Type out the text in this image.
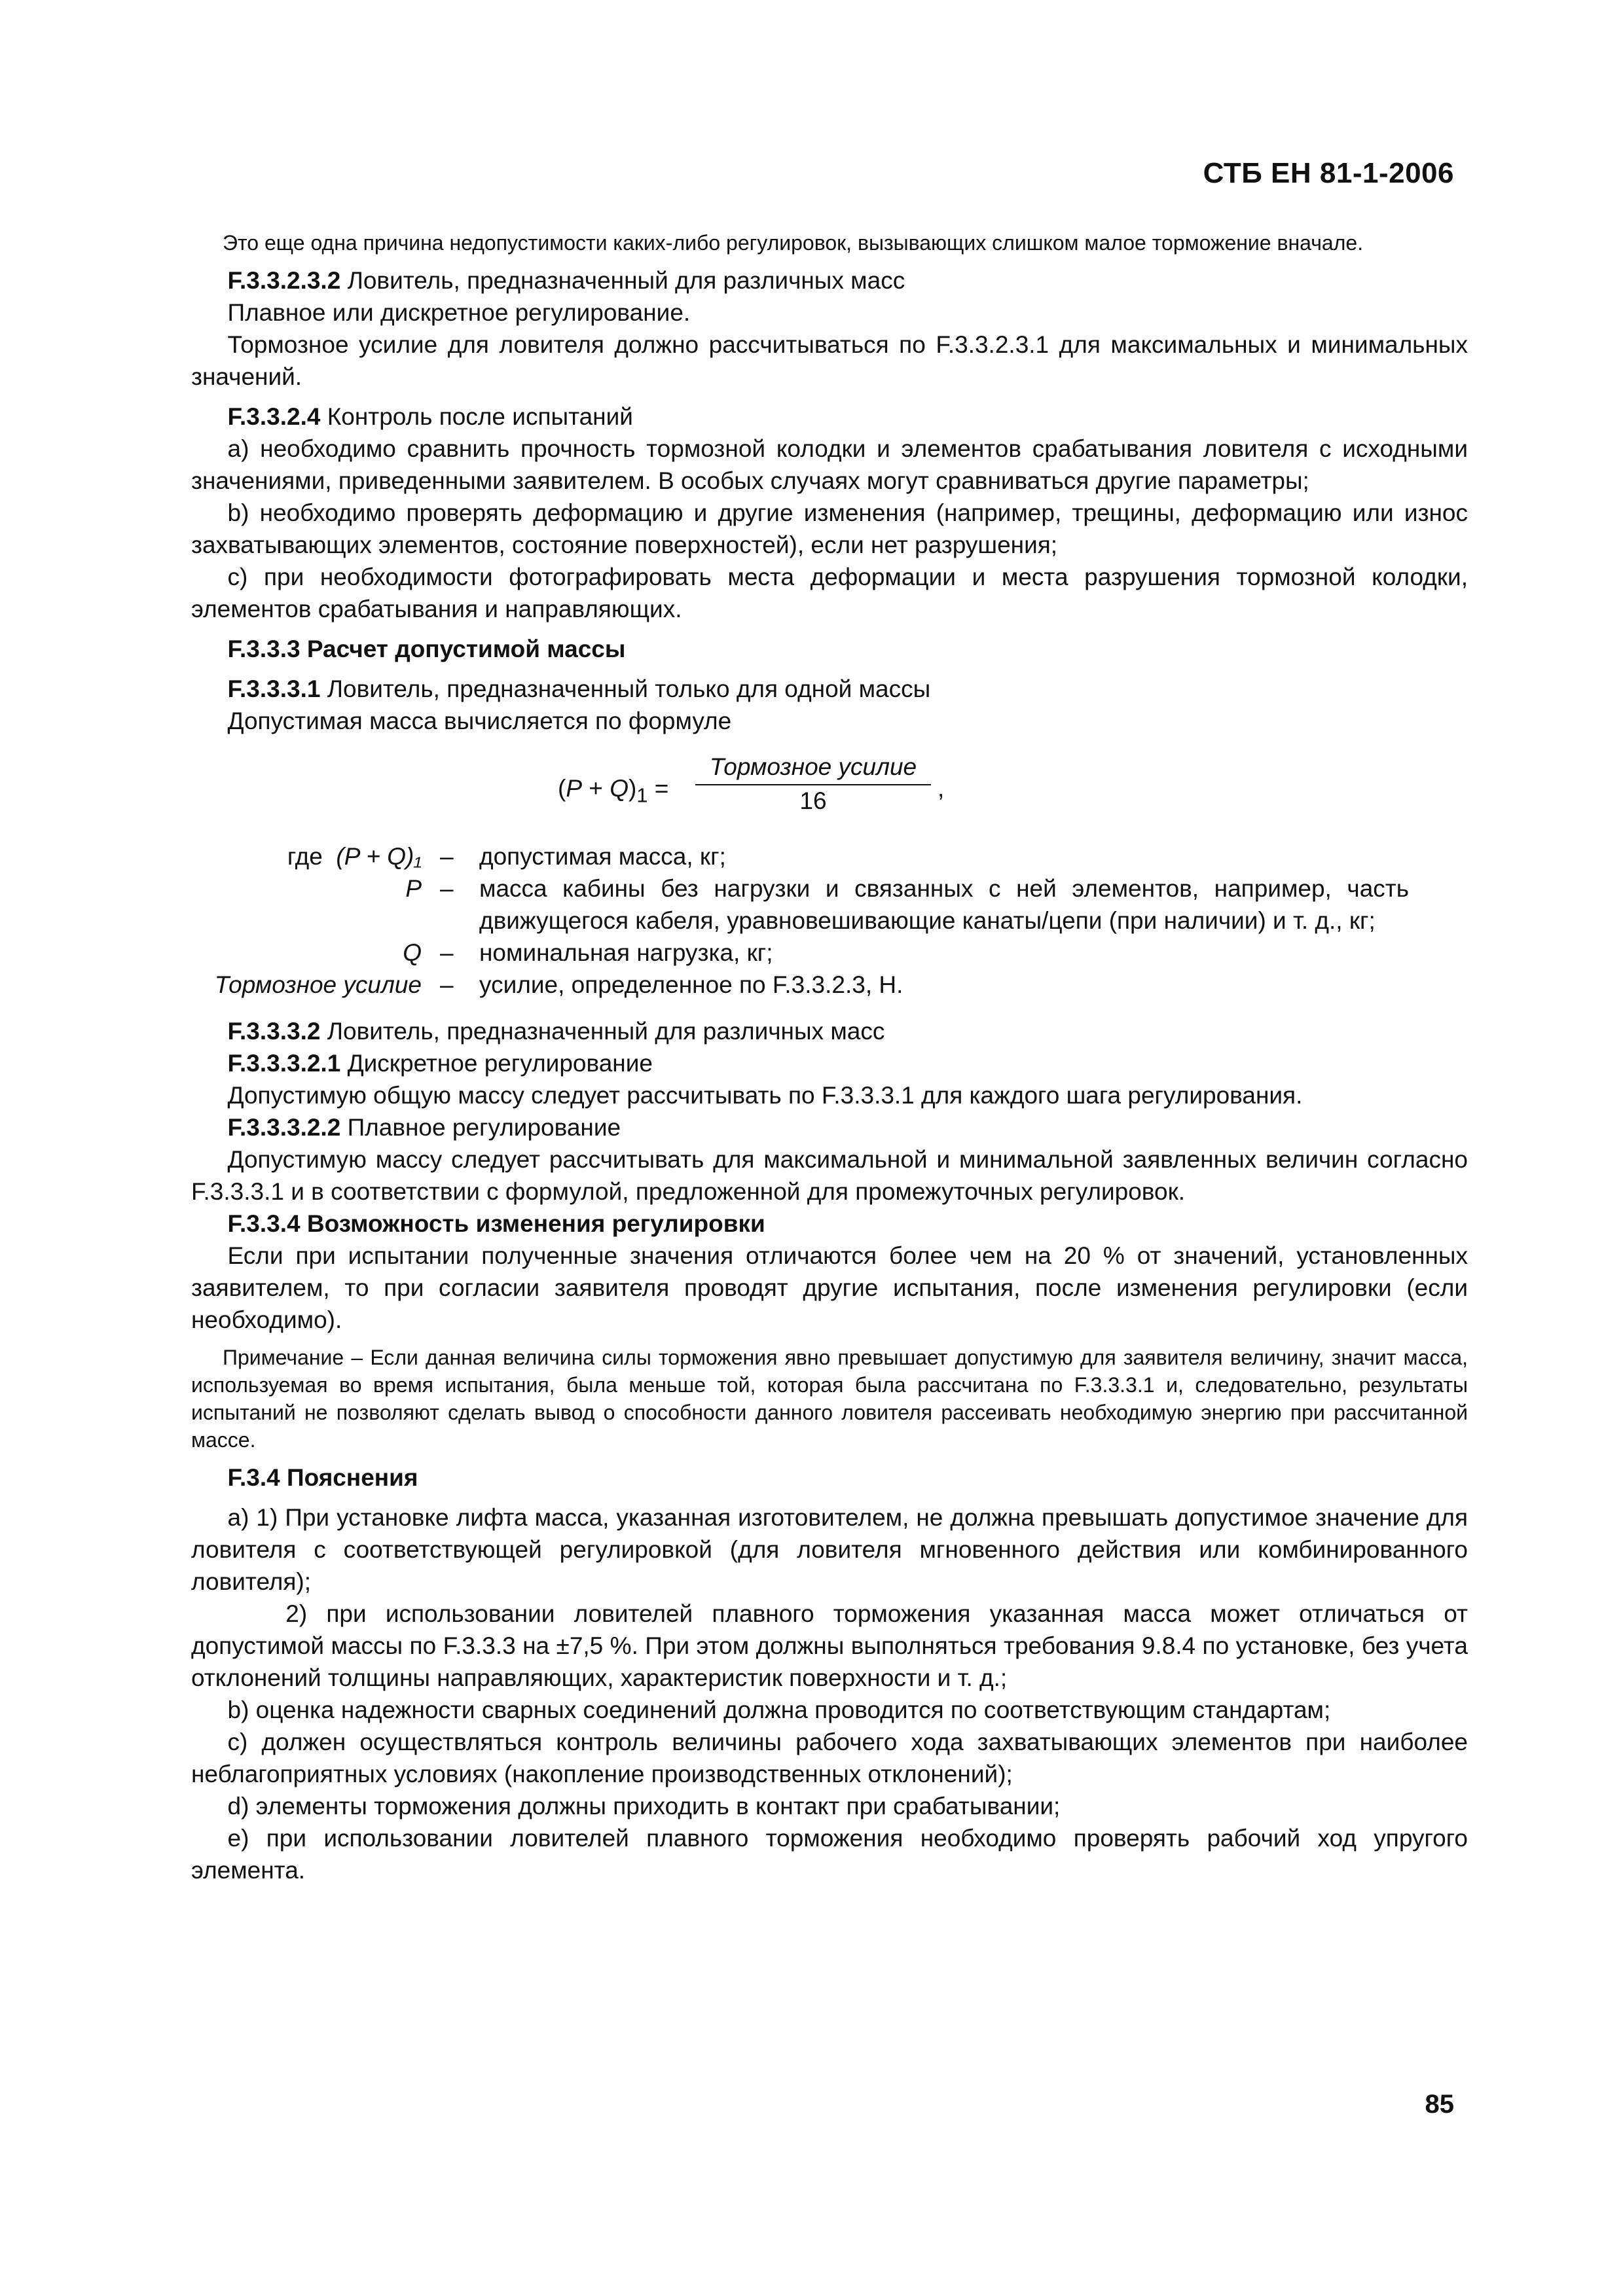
СТБ ЕН 81-1-2006

Это еще одна причина недопустимости каких-либо регулировок, вызывающих слишком малое торможение вначале.

F.3.3.2.3.2 Ловитель, предназначенный для различных масс

Плавное или дискретное регулирование.

Тормозное усилие для ловителя должно рассчитываться по F.3.3.2.3.1 для максимальных и минимальных значений.

F.3.3.2.4 Контроль после испытаний

а) необходимо сравнить прочность тормозной колодки и элементов срабатывания ловителя с исходными значениями, приведенными заявителем. В особых случаях могут сравниваться другие параметры;

b) необходимо проверять деформацию и другие изменения (например, трещины, деформацию или износ захватывающих элементов, состояние поверхностей), если нет разрушения;

с) при необходимости фотографировать места деформации и места разрушения тормозной колодки, элементов срабатывания и направляющих.

F.3.3.3 Расчет допустимой массы

F.3.3.3.1 Ловитель, предназначенный только для одной массы

Допустимая масса вычисляется по формуле

$(P + Q)_1$ =
Тормозное усилие
16	,
где (P + Q)₁ –	допустимая масса, кг;
P –	масса кабины без нагрузки и связанных с ней элементов, например, часть движущегося кабеля, уравновешивающие канаты/цепи (при наличии) и т. д., кг;
Q –	номинальная нагрузка, кг;
Тормозное усилие –	усилие, определенное по F.3.3.2.3, Н.

F.3.3.3.2 Ловитель, предназначенный для различных масс

F.3.3.3.2.1 Дискретное регулирование

Допустимую общую массу следует рассчитывать по F.3.3.3.1 для каждого шага регулирования.

F.3.3.3.2.2 Плавное регулирование

Допустимую массу следует рассчитывать для максимальной и минимальной заявленных величин согласно F.3.3.3.1 и в соответствии с формулой, предложенной для промежуточных регулировок.

F.3.3.4 Возможность изменения регулировки

Если при испытании полученные значения отличаются более чем на 20 % от значений, установленных заявителем, то при согласии заявителя проводят другие испытания, после изменения регулировки (если необходимо).

Примечание – Если данная величина силы торможения явно превышает допустимую для заявителя величину, значит масса, используемая во время испытания, была меньше той, которая была рассчитана по F.3.3.3.1 и, следовательно, результаты испытаний не позволяют сделать вывод о способности данного ловителя рассеивать необходимую энергию при рассчитанной массе.

F.3.4 Пояснения

а) 1) При установке лифта масса, указанная изготовителем, не должна превышать допустимое значение для ловителя с соответствующей регулировкой (для ловителя мгновенного действия или комбинированного ловителя);

2) при использовании ловителей плавного торможения указанная масса может отличаться от допустимой массы по F.3.3.3 на ±7,5 %. При этом должны выполняться требования 9.8.4 по установке, без учета отклонений толщины направляющих, характеристик поверхности и т. д.;

b) оценка надежности сварных соединений должна проводится по соответствующим стандартам;

с) должен осуществляться контроль величины рабочего хода захватывающих элементов при наиболее неблагоприятных условиях (накопление производственных отклонений);

d) элементы торможения должны приходить в контакт при срабатывании;

е) при использовании ловителей плавного торможения необходимо проверять рабочий ход упругого элемента.

85
